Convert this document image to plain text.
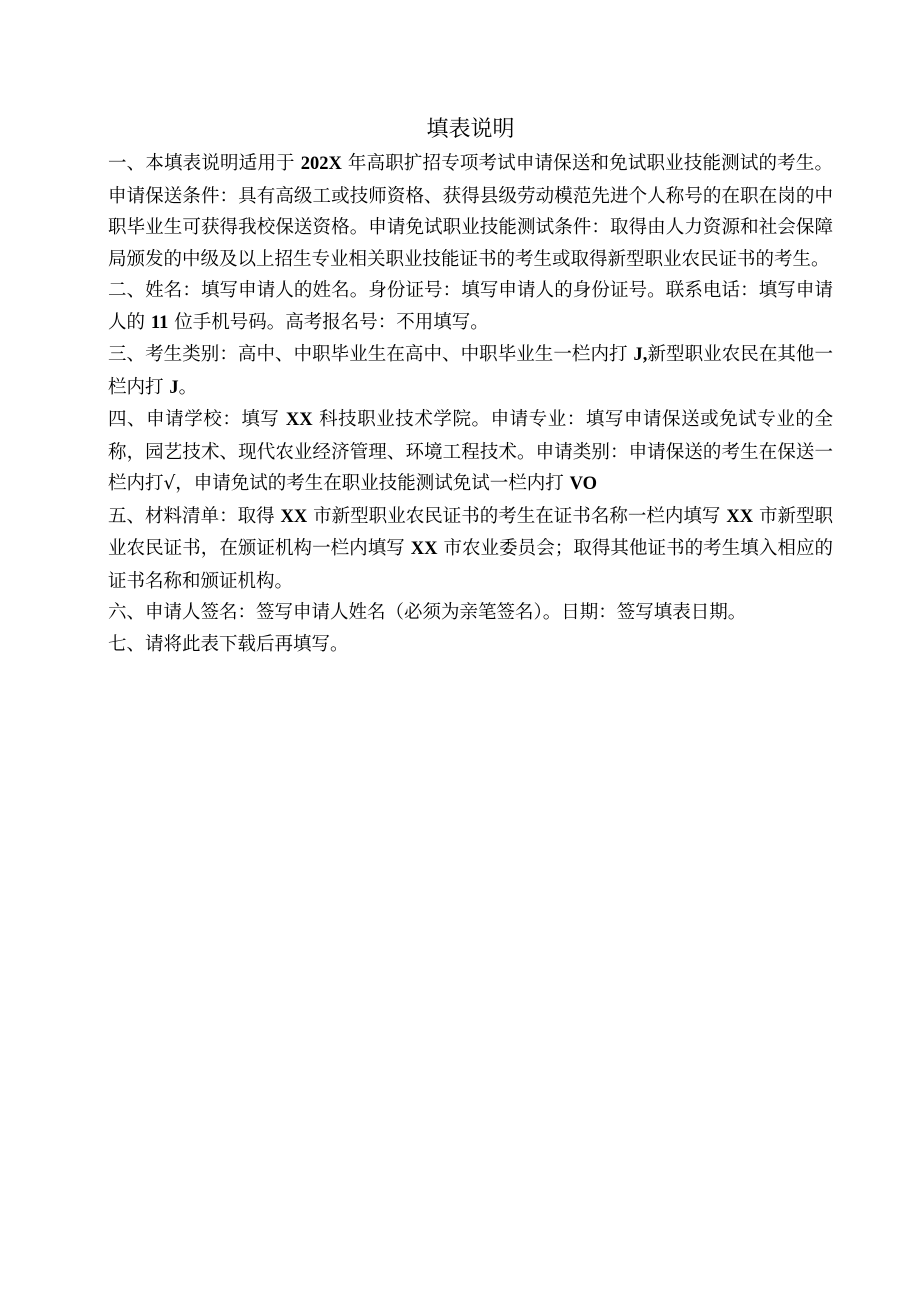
填表说明

一、本填表说明适用于 202X 年高职扩招专项考试申请保送和免试职业技能测试的考生。申请保送条件：具有高级工或技师资格、获得县级劳动模范先进个人称号的在职在岗的中职毕业生可获得我校保送资格。申请免试职业技能测试条件：取得由人力资源和社会保障局颁发的中级及以上招生专业相关职业技能证书的考生或取得新型职业农民证书的考生。

二、姓名：填写申请人的姓名。身份证号：填写申请人的身份证号。联系电话：填写申请人的 11 位手机号码。高考报名号：不用填写。

三、考生类别：高中、中职毕业生在高中、中职毕业生一栏内打 J,新型职业农民在其他一栏内打 J。

四、申请学校：填写 XX 科技职业技术学院。申请专业：填写申请保送或免试专业的全称，园艺技术、现代农业经济管理、环境工程技术。申请类别：申请保送的考生在保送一栏内打√，申请免试的考生在职业技能测试免试一栏内打 VO

五、材料清单：取得 XX 市新型职业农民证书的考生在证书名称一栏内填写 XX 市新型职业农民证书，在颁证机构一栏内填写 XX 市农业委员会；取得其他证书的考生填入相应的证书名称和颁证机构。

六、申请人签名：签写申请人姓名（必须为亲笔签名）。日期：签写填表日期。

七、请将此表下载后再填写。
